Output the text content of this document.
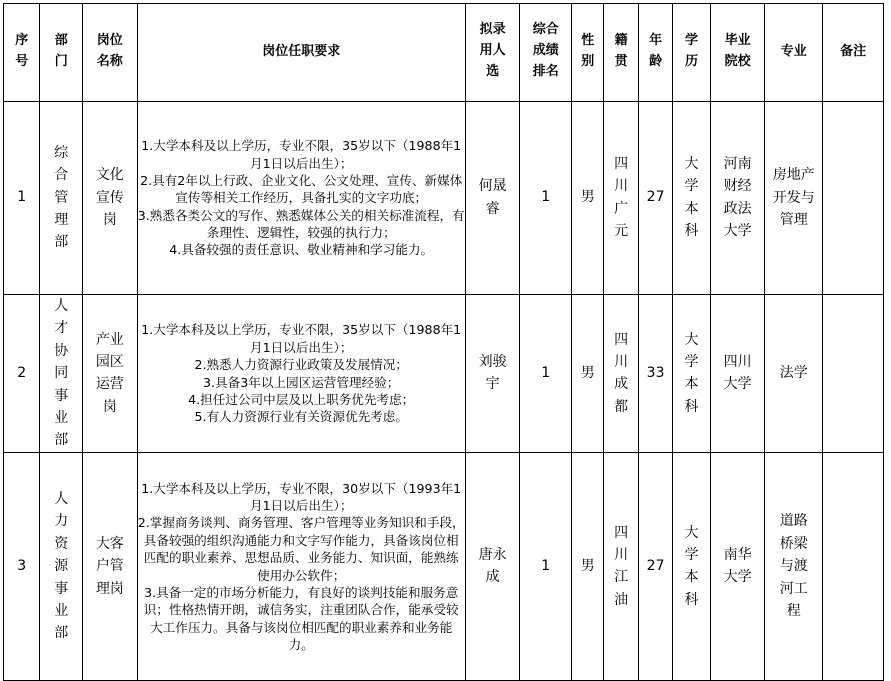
序号	部门	岗位名称	岗位任职要求	拟录用人选	综合成绩排名	性别	籍贯	年龄	学历	毕业院校	专业	备注
1	综合管理部	文化宣传岗	1.大学本科及以上学历，专业不限，35岁以下（1988年1月1日以后出生）；
2.具有2年以上行政、企业文化、公文处理、宣传、新媒体宣传等相关工作经历，具备扎实的文字功底；
3.熟悉各类公文的写作、熟悉媒体公关的相关标准流程，有条理性、逻辑性，较强的执行力；
4.具备较强的责任意识、敬业精神和学习能力。	何晟睿	1	男	四川广元	27	大学本科	河南财经政法大学	房地产开发与管理	
2	人才协同事业部	产业园区运营岗	1.大学本科及以上学历，专业不限，35岁以下（1988年1月1日以后出生）；
2.熟悉人力资源行业政策及发展情况；
3.具备3年以上园区运营管理经验；
4.担任过公司中层及以上职务优先考虑；
5.有人力资源行业有关资源优先考虑。	刘骏宇	1	男	四川成都	33	大学本科	四川大学	法学	
3	人力资源事业部	大客户管理岗	1.大学本科及以上学历，专业不限，30岁以下（1993年1月1日以后出生）；
2.掌握商务谈判、商务管理、客户管理等业务知识和手段，具备较强的组织沟通能力和文字写作能力，具备该岗位相匹配的职业素养、思想品质、业务能力、知识面，能熟练使用办公软件；
3.具备一定的市场分析能力，有良好的谈判技能和服务意识；性格热情开朗，诚信务实，注重团队合作，能承受较大工作压力。具备与该岗位相匹配的职业素养和业务能力。	唐永成	1	男	四川江油	27	大学本科	南华大学	道路桥梁与渡河工程	
